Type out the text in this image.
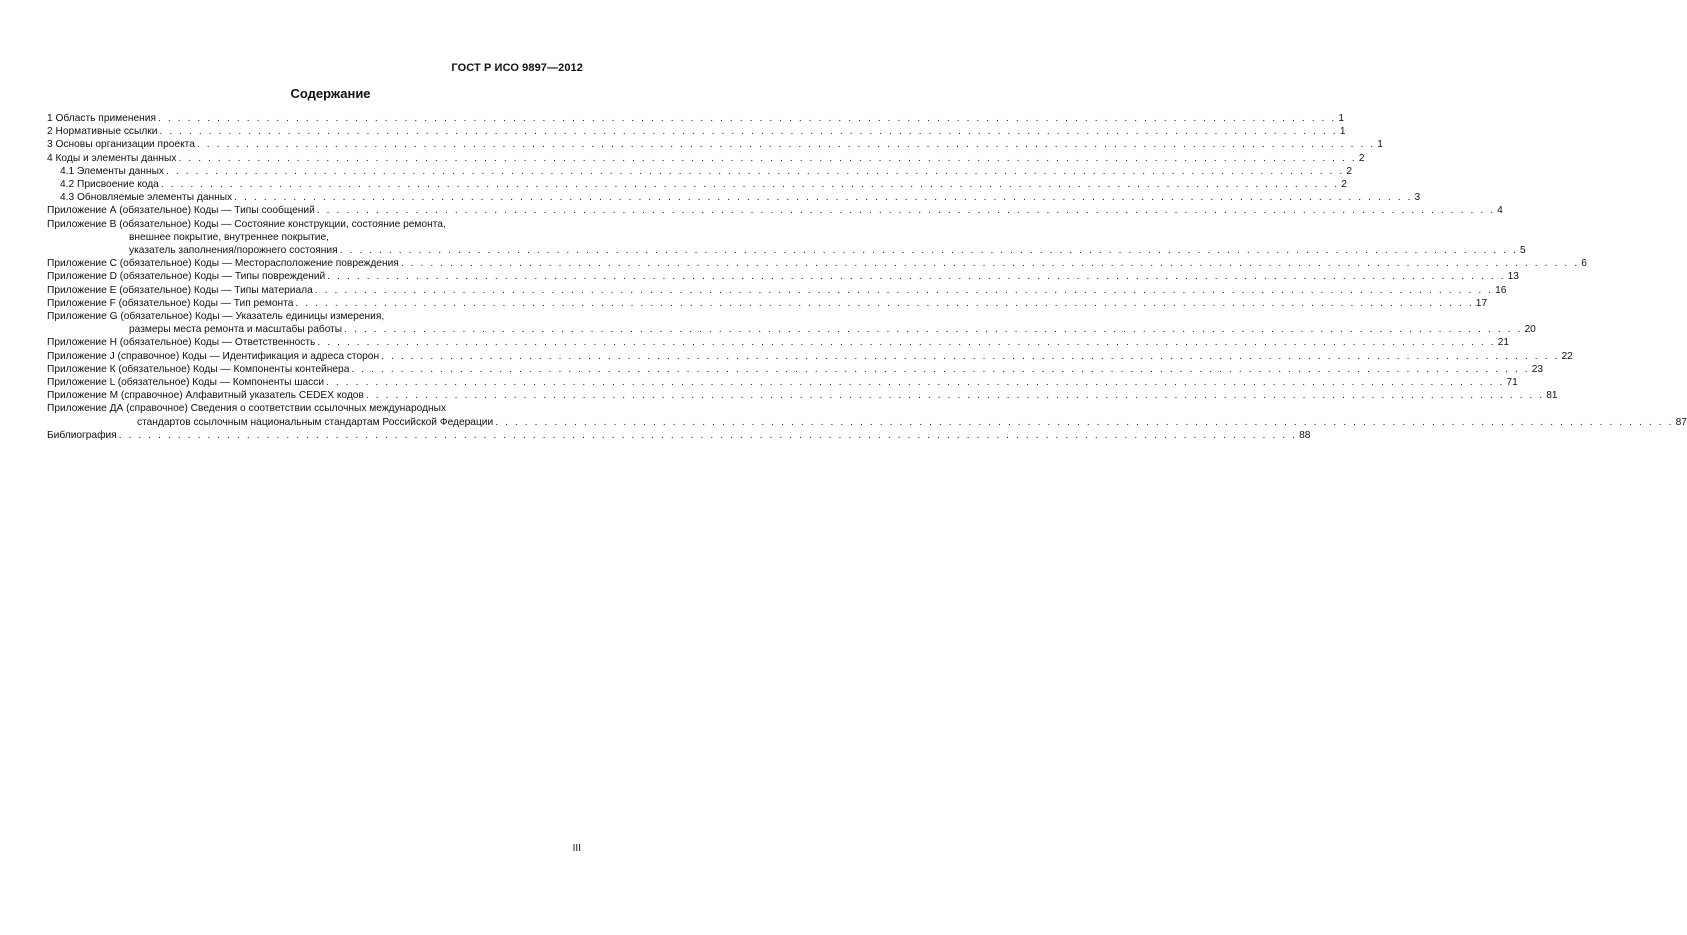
ГОСТ Р ИСО 9897—2012
Содержание
1 Область применения . . . . . . . . . . . . . . . . . . . . . . . . . . . . . . . . . . . . . . . . . . . . . . . . . . . . . . . . . . . . . . . . . . . . . . . . . . . . . . . . . . . . . . . . . . . . . . . . . . . . . . . . . . . . . . . . . . . . . . . . 1
2 Нормативные ссылки . . . . . . . . . . . . . . . . . . . . . . . . . . . . . . . . . . . . . . . . . . . . . . . . . . . . . . . . . . . . . . . . . . . . . . . . . . . . . . . . . . . . . . . . . . . . . . . . . . . . . . . . . . . . . . . . . . . . . . . . 1
3 Основы организации проекта . . . . . . . . . . . . . . . . . . . . . . . . . . . . . . . . . . . . . . . . . . . . . . . . . . . . . . . . . . . . . . . . . . . . . . . . . . . . . . . . . . . . . . . . . . . . . . . . . . . . . . . . . . . . . . . . . . . . . . . . 1
4 Коды и элементы данных . . . . . . . . . . . . . . . . . . . . . . . . . . . . . . . . . . . . . . . . . . . . . . . . . . . . . . . . . . . . . . . . . . . . . . . . . . . . . . . . . . . . . . . . . . . . . . . . . . . . . . . . . . . . . . . . . . . . . . . . 2
4.1 Элементы данных . . . . . . . . . . . . . . . . . . . . . . . . . . . . . . . . . . . . . . . . . . . . . . . . . . . . . . . . . . . . . . . . . . . . . . . . . . . . . . . . . . . . . . . . . . . . . . . . . . . . . . . . . . . . . . . . . . . . . . . . 2
4.2 Присвоение кода . . . . . . . . . . . . . . . . . . . . . . . . . . . . . . . . . . . . . . . . . . . . . . . . . . . . . . . . . . . . . . . . . . . . . . . . . . . . . . . . . . . . . . . . . . . . . . . . . . . . . . . . . . . . . . . . . . . . . . . . 2
4.3 Обновляемые элементы данных . . . . . . . . . . . . . . . . . . . . . . . . . . . . . . . . . . . . . . . . . . . . . . . . . . . . . . . . . . . . . . . . . . . . . . . . . . . . . . . . . . . . . . . . . . . . . . . . . . . . . . . . . . . . . . . . . . . . . . . . 3
Приложение А (обязательное) Коды — Типы сообщений . . . . . . . . . . . . . . . . . . . . . . . . . . . . . . . . . . . . . . . . . . . . . . . . . . . . . . . . . . . . . . . . . . . . . . . . . . . . . . . . . . . . . . . . . . . . . . . . . . . . . . . . . . . . . . . . . . . . . . . . 4
Приложение В (обязательное) Коды — Состояние конструкции, состояние ремонта,
внешнее покрытие, внутреннее покрытие,
указатель заполнения/порожнего состояния . . . . . . . . . . . . . . . . . . . . . . . . . . . . . . . . . . . . . . . . . . . . . . . . . . . . . . . . . . . . . . . . . . . . . . . . . . . . . . . . . . . . . . . . . . . . . . . . . . . . . . . . . . . . . . . . . . . . . . . . 5
Приложение С (обязательное) Коды — Месторасположение повреждения . . . . . . . . . . . . . . . . . . . . . . . . . . . . . . . . . . . . . . . . . . . . . . . . . . . . . . . . . . . . . . . . . . . . . . . . . . . . . . . . . . . . . . . . . . . . . . . . . . . . . . . . . . . . . . . . . . . . . . . . 6
Приложение D (обязательное) Коды — Типы повреждений . . . . . . . . . . . . . . . . . . . . . . . . . . . . . . . . . . . . . . . . . . . . . . . . . . . . . . . . . . . . . . . . . . . . . . . . . . . . . . . . . . . . . . . . . . . . . . . . . . . . . . . . . . . . . . . . . . . . . . . . 13
Приложение Е (обязательное) Коды — Типы материала . . . . . . . . . . . . . . . . . . . . . . . . . . . . . . . . . . . . . . . . . . . . . . . . . . . . . . . . . . . . . . . . . . . . . . . . . . . . . . . . . . . . . . . . . . . . . . . . . . . . . . . . . . . . . . . . . . . . . . . . 16
Приложение F (обязательное) Коды — Тип ремонта . . . . . . . . . . . . . . . . . . . . . . . . . . . . . . . . . . . . . . . . . . . . . . . . . . . . . . . . . . . . . . . . . . . . . . . . . . . . . . . . . . . . . . . . . . . . . . . . . . . . . . . . . . . . . . . . . . . . . . . . 17
Приложение G (обязательное) Коды — Указатель единицы измерения,
размеры места ремонта и масштабы работы . . . . . . . . . . . . . . . . . . . . . . . . . . . . . . . . . . . . . . . . . . . . . . . . . . . . . . . . . . . . . . . . . . . . . . . . . . . . . . . . . . . . . . . . . . . . . . . . . . . . . . . . . . . . . . . . . . . . . . . . 20
Приложение Н (обязательное) Коды — Ответственность . . . . . . . . . . . . . . . . . . . . . . . . . . . . . . . . . . . . . . . . . . . . . . . . . . . . . . . . . . . . . . . . . . . . . . . . . . . . . . . . . . . . . . . . . . . . . . . . . . . . . . . . . . . . . . . . . . . . . . . . 21
Приложение J (справочное) Коды — Идентификация и адреса сторон . . . . . . . . . . . . . . . . . . . . . . . . . . . . . . . . . . . . . . . . . . . . . . . . . . . . . . . . . . . . . . . . . . . . . . . . . . . . . . . . . . . . . . . . . . . . . . . . . . . . . . . . . . . . . . . . . . . . . . . . 22
Приложение К (обязательное) Коды — Компоненты контейнера . . . . . . . . . . . . . . . . . . . . . . . . . . . . . . . . . . . . . . . . . . . . . . . . . . . . . . . . . . . . . . . . . . . . . . . . . . . . . . . . . . . . . . . . . . . . . . . . . . . . . . . . . . . . . . . . . . . . . . . . 23
Приложение L (обязательное) Коды — Компоненты шасси . . . . . . . . . . . . . . . . . . . . . . . . . . . . . . . . . . . . . . . . . . . . . . . . . . . . . . . . . . . . . . . . . . . . . . . . . . . . . . . . . . . . . . . . . . . . . . . . . . . . . . . . . . . . . . . . . . . . . . . . 71
Приложение М (справочное) Алфавитный указатель CEDEX кодов . . . . . . . . . . . . . . . . . . . . . . . . . . . . . . . . . . . . . . . . . . . . . . . . . . . . . . . . . . . . . . . . . . . . . . . . . . . . . . . . . . . . . . . . . . . . . . . . . . . . . . . . . . . . . . . . . . . . . . . . 81
Приложение ДА (справочное) Сведения о соответствии ссылочных международных
стандартов ссылочным национальным стандартам Российской Федерации . . . . . . . . . . . . . . . . . . . . . . . . . . . . . . . . . . . . . . . . . . . . . . . . . . . . . . . . . . . . . . . . . . . . . . . . . . . . . . . . . . . . . . . . . . . . . . . . . . . . . . . . . . . . . . . . . . . . . . . . 87
Библиография . . . . . . . . . . . . . . . . . . . . . . . . . . . . . . . . . . . . . . . . . . . . . . . . . . . . . . . . . . . . . . . . . . . . . . . . . . . . . . . . . . . . . . . . . . . . . . . . . . . . . . . . . . . . . . . . . . . . . . . . 88
III
